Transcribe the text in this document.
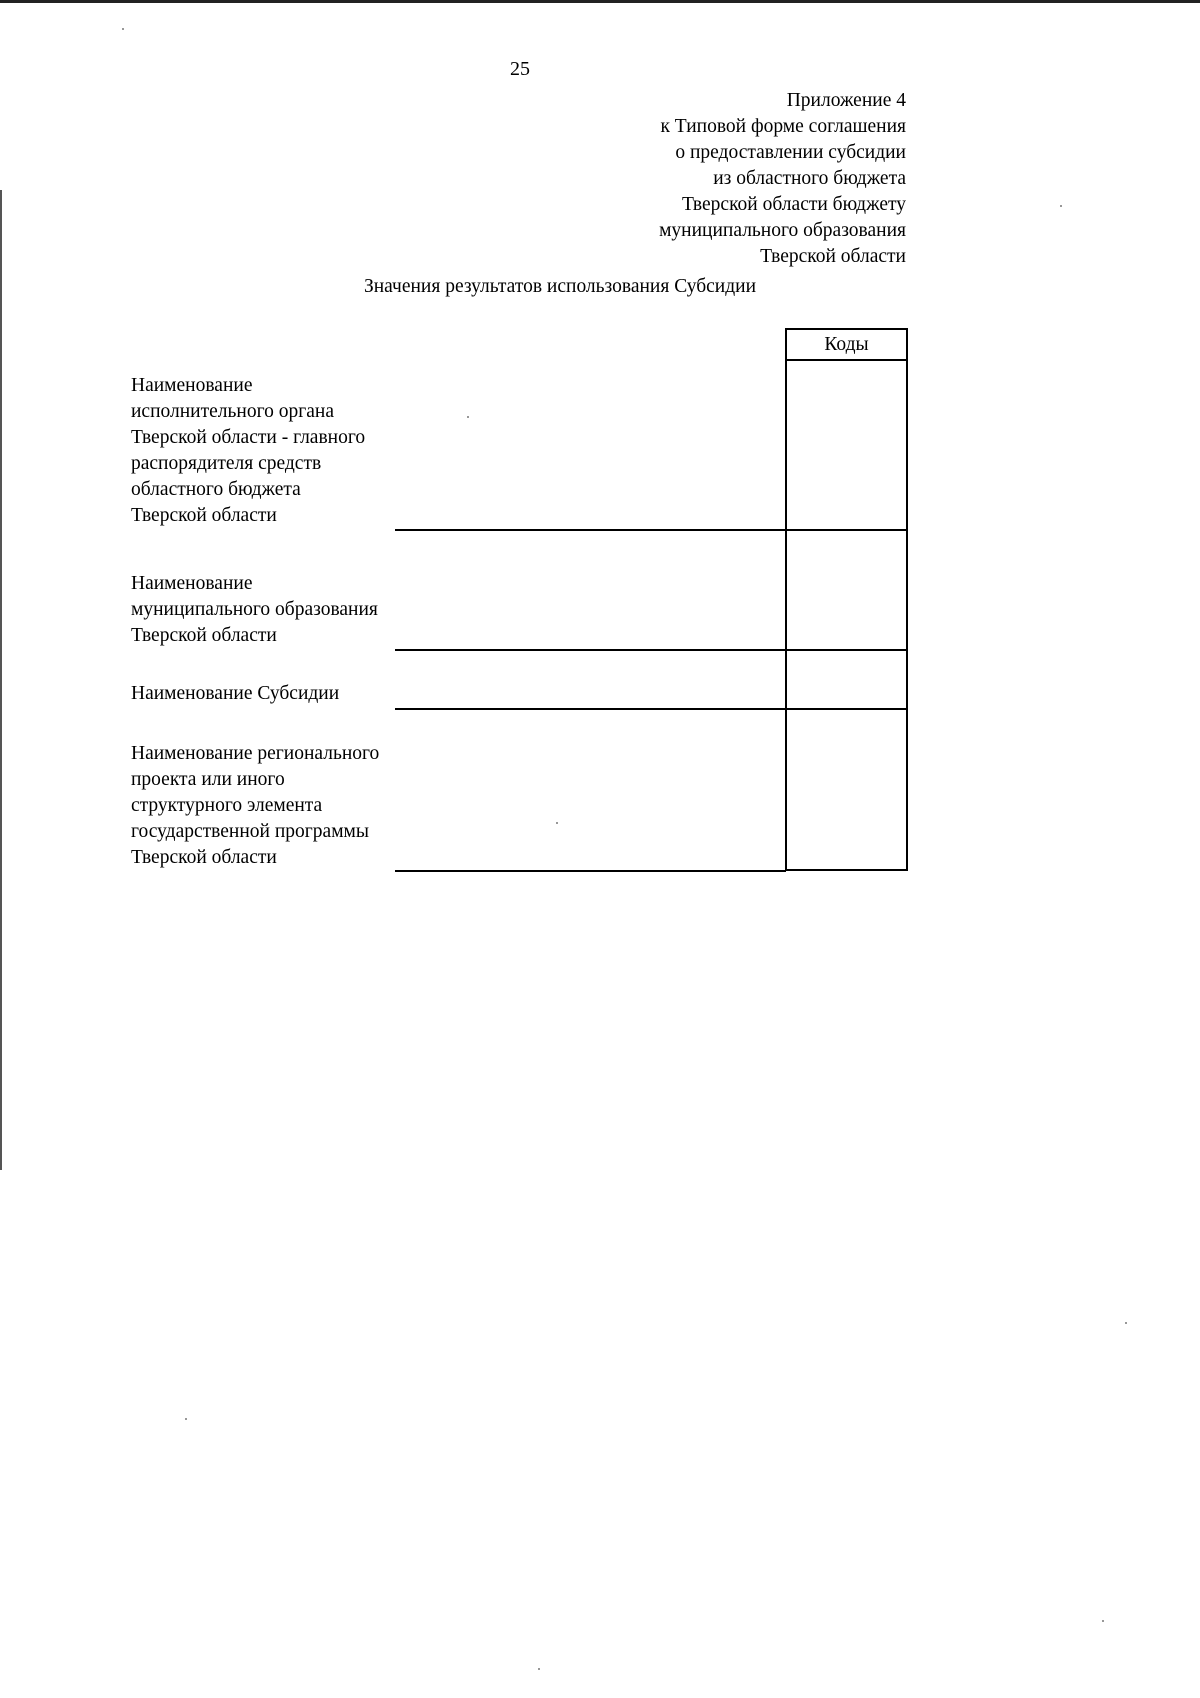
25
Приложение 4
к Типовой форме соглашения
о предоставлении субсидии
из областного бюджета
Тверской области бюджету
муниципального образования
Тверской области
Значения результатов использования Субсидии
Наименование
исполнительного органа
Тверской области - главного
распорядителя средств
областного бюджета
Тверской области
Наименование
муниципального образования
Тверской области
Наименование Субсидии
Наименование регионального
проекта или иного
структурного элемента
государственной программы
Тверской области
Коды
